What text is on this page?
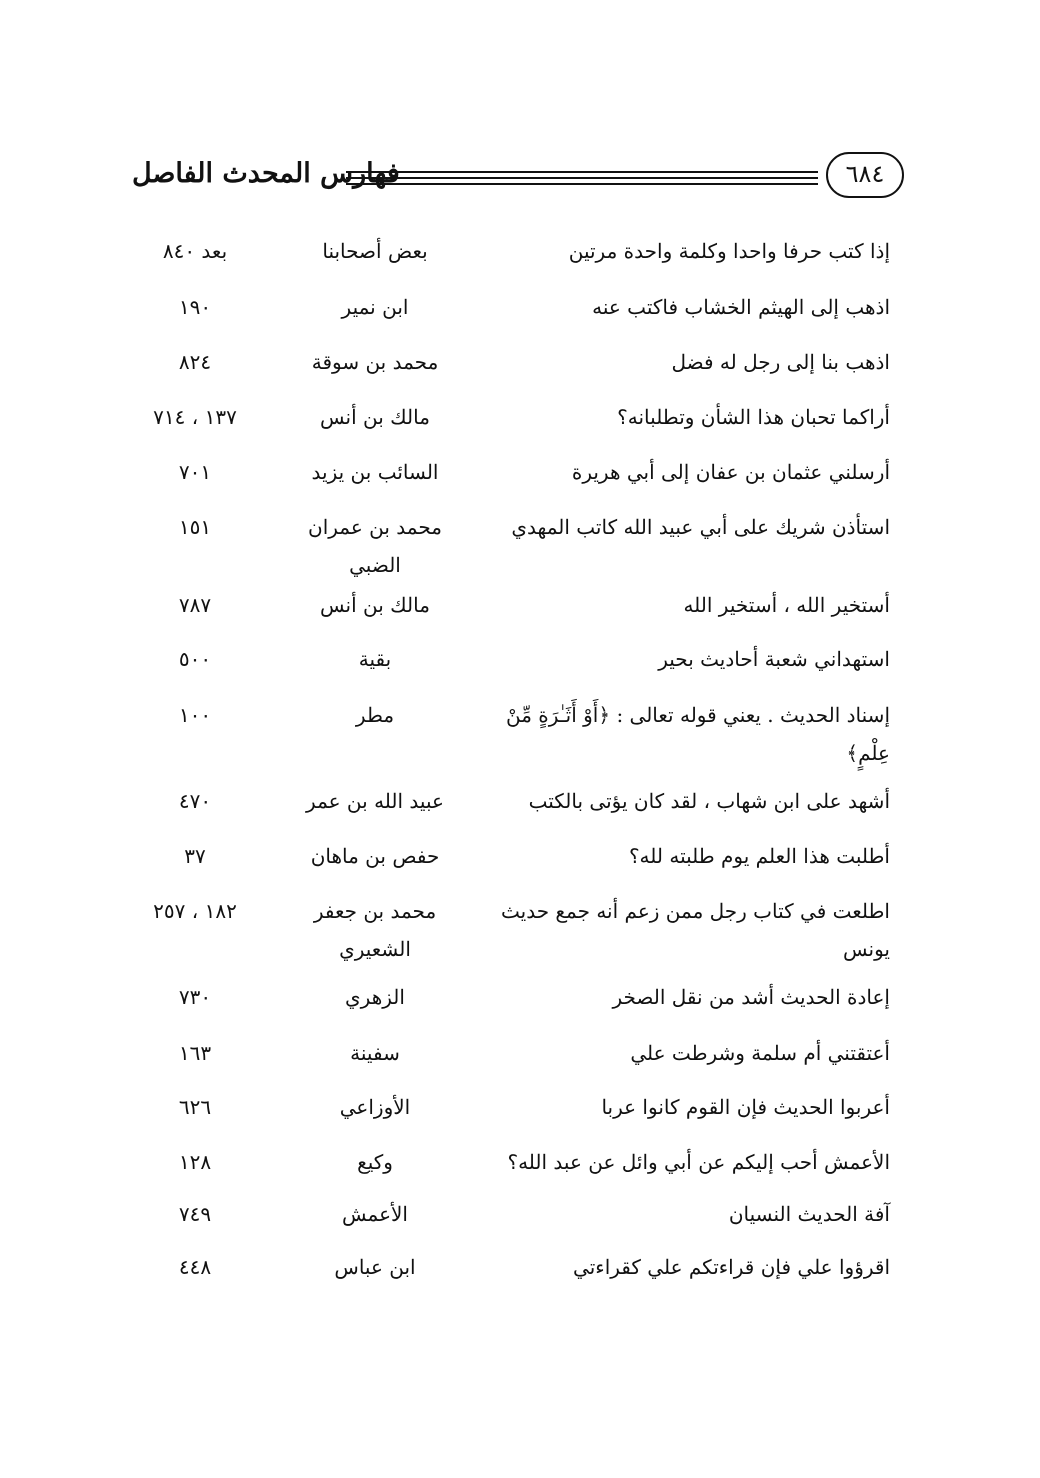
فهارس المحدث الفاصل	٦٨٤
إذا كتب حرفا واحدا وكلمة واحدة مرتين
بعض أصحابنا
بعد ٨٤٠
اذهب إلى الهيثم الخشاب فاكتب عنه
ابن نمير
١٩٠
اذهب بنا إلى رجل له فضل
محمد بن سوقة
٨٢٤
أراكما تحبان هذا الشأن وتطلبانه؟
مالك بن أنس
١٣٧ ، ٧١٤
أرسلني عثمان بن عفان إلى أبي هريرة
السائب بن يزيد
٧٠١
استأذن شريك على أبي عبيد الله كاتب المهدي
محمد بن عمران الضبي
١٥١
أستخير الله ، أستخير الله
مالك بن أنس
٧٨٧
استهداني شعبة أحاديث بحير
بقية
٥٠٠
إسناد الحديث . يعني قوله تعالى : ﴿أَوْ أَثَـٰرَةٍ مِّنْ عِلْمٍ﴾
مطر
١٠٠
أشهد على ابن شهاب ، لقد كان يؤتى بالكتب
عبيد الله بن عمر
٤٧٠
أطلبت هذا العلم يوم طلبته لله؟
حفص بن ماهان
٣٧
اطلعت في كتاب رجل ممن زعم أنه جمع حديث يونس
محمد بن جعفر الشعيري
١٨٢ ، ٢٥٧
إعادة الحديث أشد من نقل الصخر
الزهري
٧٣٠
أعتقتني أم سلمة وشرطت علي
سفينة
١٦٣
أعربوا الحديث فإن القوم كانوا عربا
الأوزاعي
٦٢٦
الأعمش أحب إليكم عن أبي وائل عن عبد الله؟
وكيع
١٢٨
آفة الحديث النسيان
الأعمش
٧٤٩
اقرؤوا علي فإن قراءتكم علي كقراءتي
ابن عباس
٤٤٨
